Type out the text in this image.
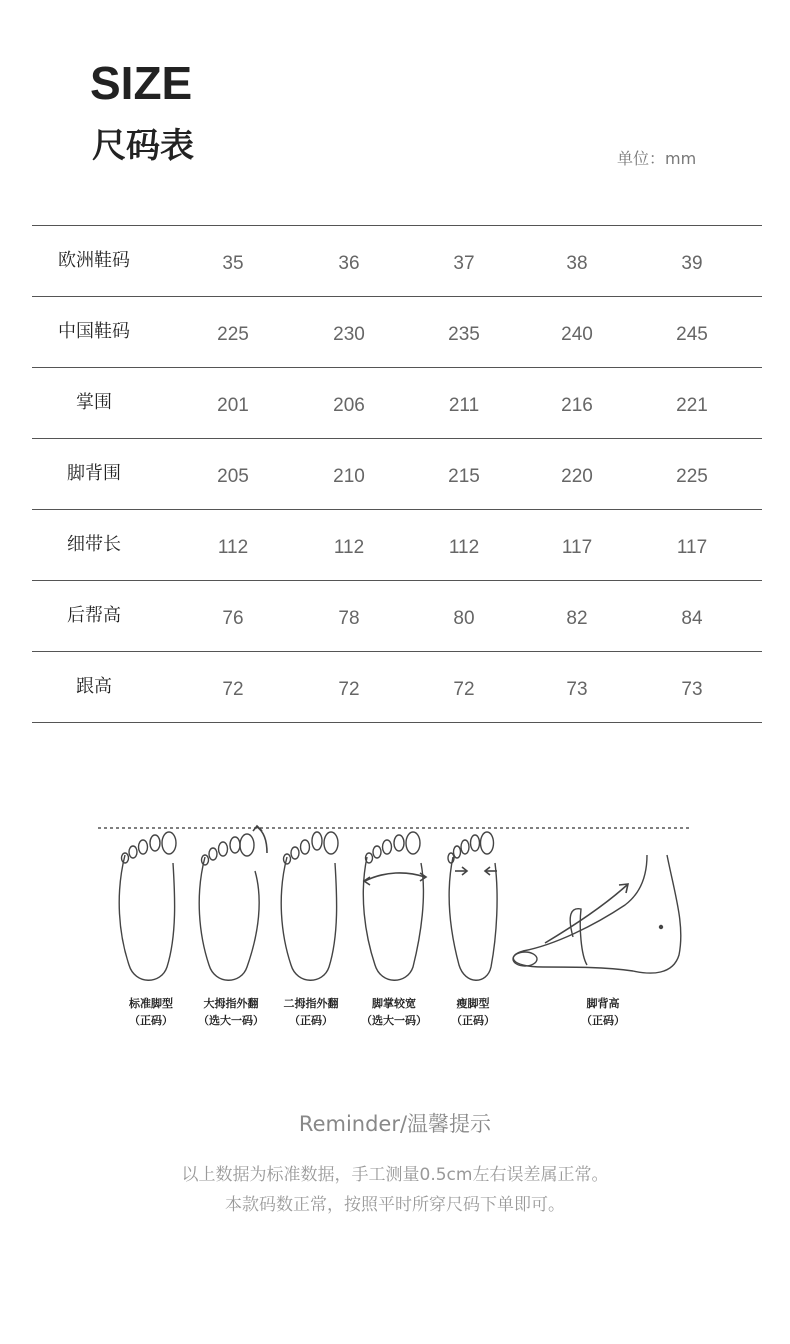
SIZE
尺码表	单位：mm
欧洲鞋码	35	36	37	38	39
中国鞋码	225	230	235	240	245
掌围	201	206	211	216	221
脚背围	205	210	215	220	225
细带长	112	112	112	117	117
后帮高	76	78	80	82	84
跟高	72	72	72	73	73
标准脚型
（正码）
大拇指外翻
（选大一码）
二拇指外翻
（正码）
脚掌较宽
（选大一码）
瘦脚型
（正码）
脚背高
（正码）
Reminder/温馨提示
以上数据为标准数据，手工测量0.5cm左右误差属正常。
本款码数正常，按照平时所穿尺码下单即可。
